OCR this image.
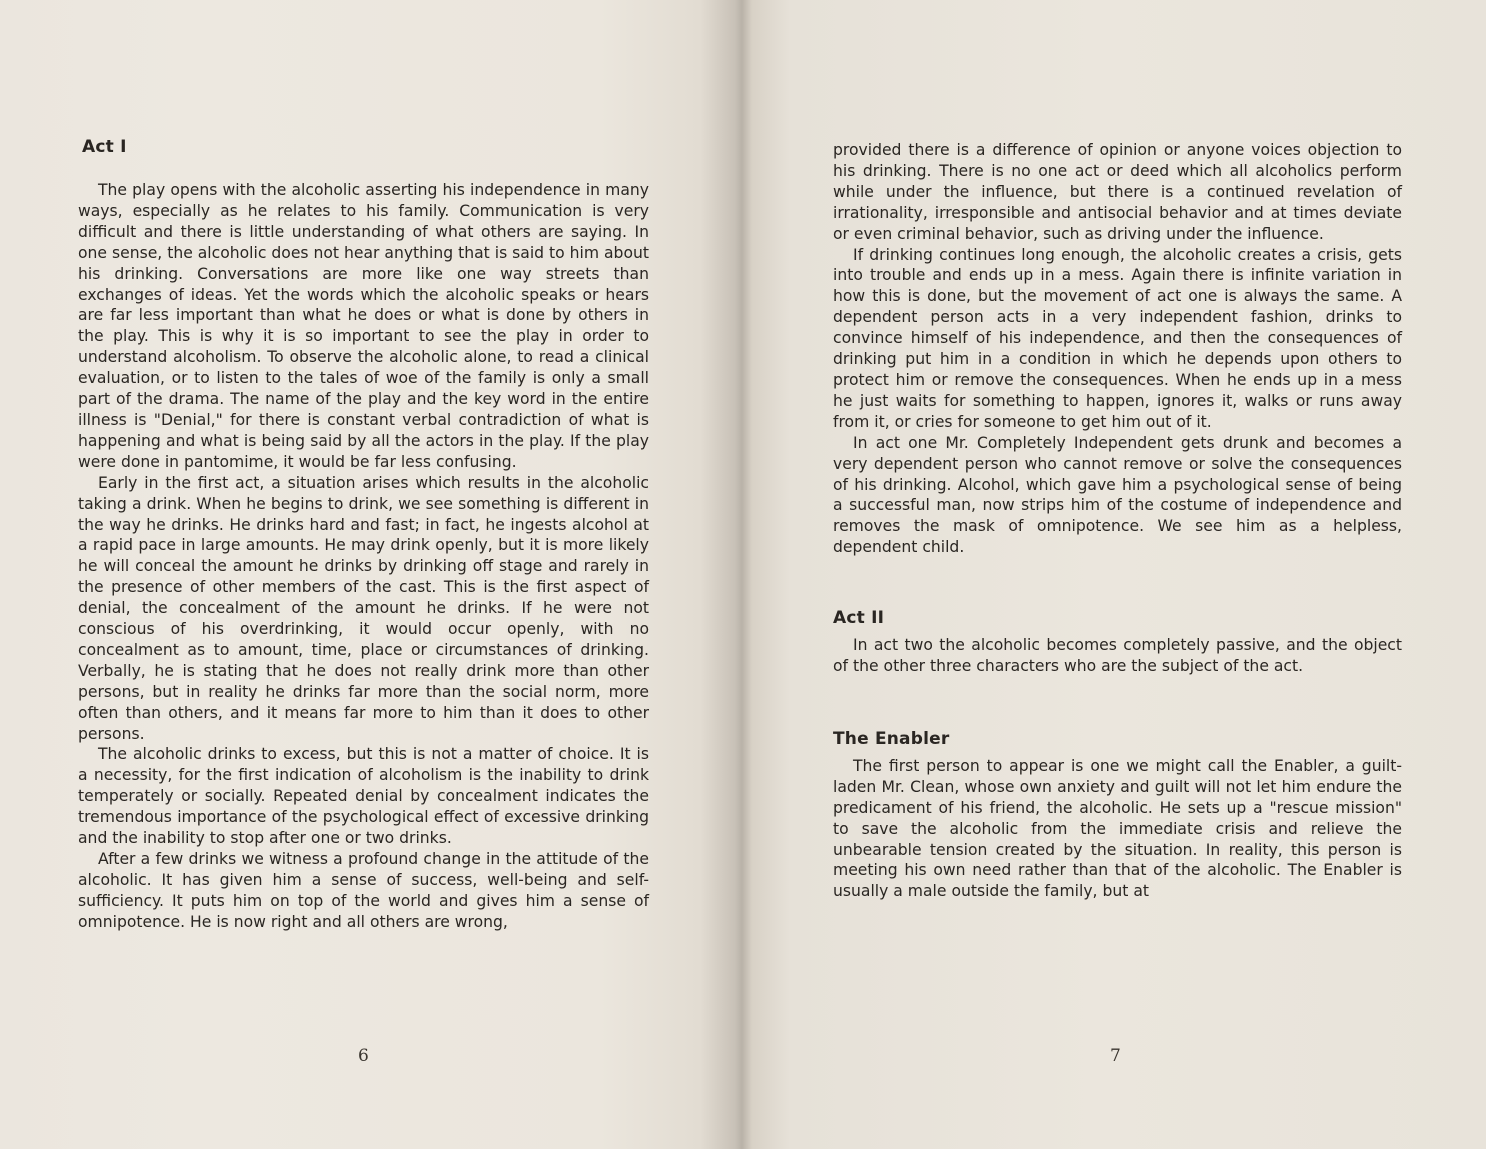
Act I

The play opens with the alcoholic asserting his independence in many ways, especially as he relates to his family. Communication is very difficult and there is little understanding of what others are saying. In one sense, the alcoholic does not hear anything that is said to him about his drinking. Conversations are more like one way streets than exchanges of ideas. Yet the words which the alcoholic speaks or hears are far less important than what he does or what is done by others in the play. This is why it is so important to see the play in order to understand alcoholism. To observe the alcoholic alone, to read a clinical evaluation, or to listen to the tales of woe of the family is only a small part of the drama. The name of the play and the key word in the entire illness is "Denial," for there is constant verbal contradiction of what is happening and what is being said by all the actors in the play. If the play were done in pantomime, it would be far less confusing.

Early in the first act, a situation arises which results in the alcoholic taking a drink. When he begins to drink, we see something is different in the way he drinks. He drinks hard and fast; in fact, he ingests alcohol at a rapid pace in large amounts. He may drink openly, but it is more likely he will conceal the amount he drinks by drinking off stage and rarely in the presence of other members of the cast. This is the first aspect of denial, the concealment of the amount he drinks. If he were not conscious of his overdrinking, it would occur openly, with no concealment as to amount, time, place or circumstances of drinking. Verbally, he is stating that he does not really drink more than other persons, but in reality he drinks far more than the social norm, more often than others, and it means far more to him than it does to other persons.

The alcoholic drinks to excess, but this is not a matter of choice. It is a necessity, for the first indication of alcoholism is the inability to drink temperately or socially. Repeated denial by concealment indicates the tremendous importance of the psychological effect of excessive drinking and the inability to stop after one or two drinks.

After a few drinks we witness a profound change in the attitude of the alcoholic. It has given him a sense of success, well-being and self-sufficiency. It puts him on top of the world and gives him a sense of omnipotence. He is now right and all others are wrong,

6

provided there is a difference of opinion or anyone voices objection to his drinking. There is no one act or deed which all alcoholics perform while under the influence, but there is a continued revelation of irrationality, irresponsible and antisocial behavior and at times deviate or even criminal behavior, such as driving under the influence.

If drinking continues long enough, the alcoholic creates a crisis, gets into trouble and ends up in a mess. Again there is infinite variation in how this is done, but the movement of act one is always the same. A dependent person acts in a very independent fashion, drinks to convince himself of his independence, and then the consequences of drinking put him in a condition in which he depends upon others to protect him or remove the consequences. When he ends up in a mess he just waits for something to happen, ignores it, walks or runs away from it, or cries for someone to get him out of it.

In act one Mr. Completely Independent gets drunk and becomes a very dependent person who cannot remove or solve the consequences of his drinking. Alcohol, which gave him a psychological sense of being a successful man, now strips him of the costume of independence and removes the mask of omnipotence. We see him as a helpless, dependent child.

Act II

In act two the alcoholic becomes completely passive, and the object of the other three characters who are the subject of the act.

The Enabler

The first person to appear is one we might call the Enabler, a guilt-laden Mr. Clean, whose own anxiety and guilt will not let him endure the predicament of his friend, the alcoholic. He sets up a "rescue mission" to save the alcoholic from the immediate crisis and relieve the unbearable tension created by the situation. In reality, this person is meeting his own need rather than that of the alcoholic. The Enabler is usually a male outside the family, but at

7
